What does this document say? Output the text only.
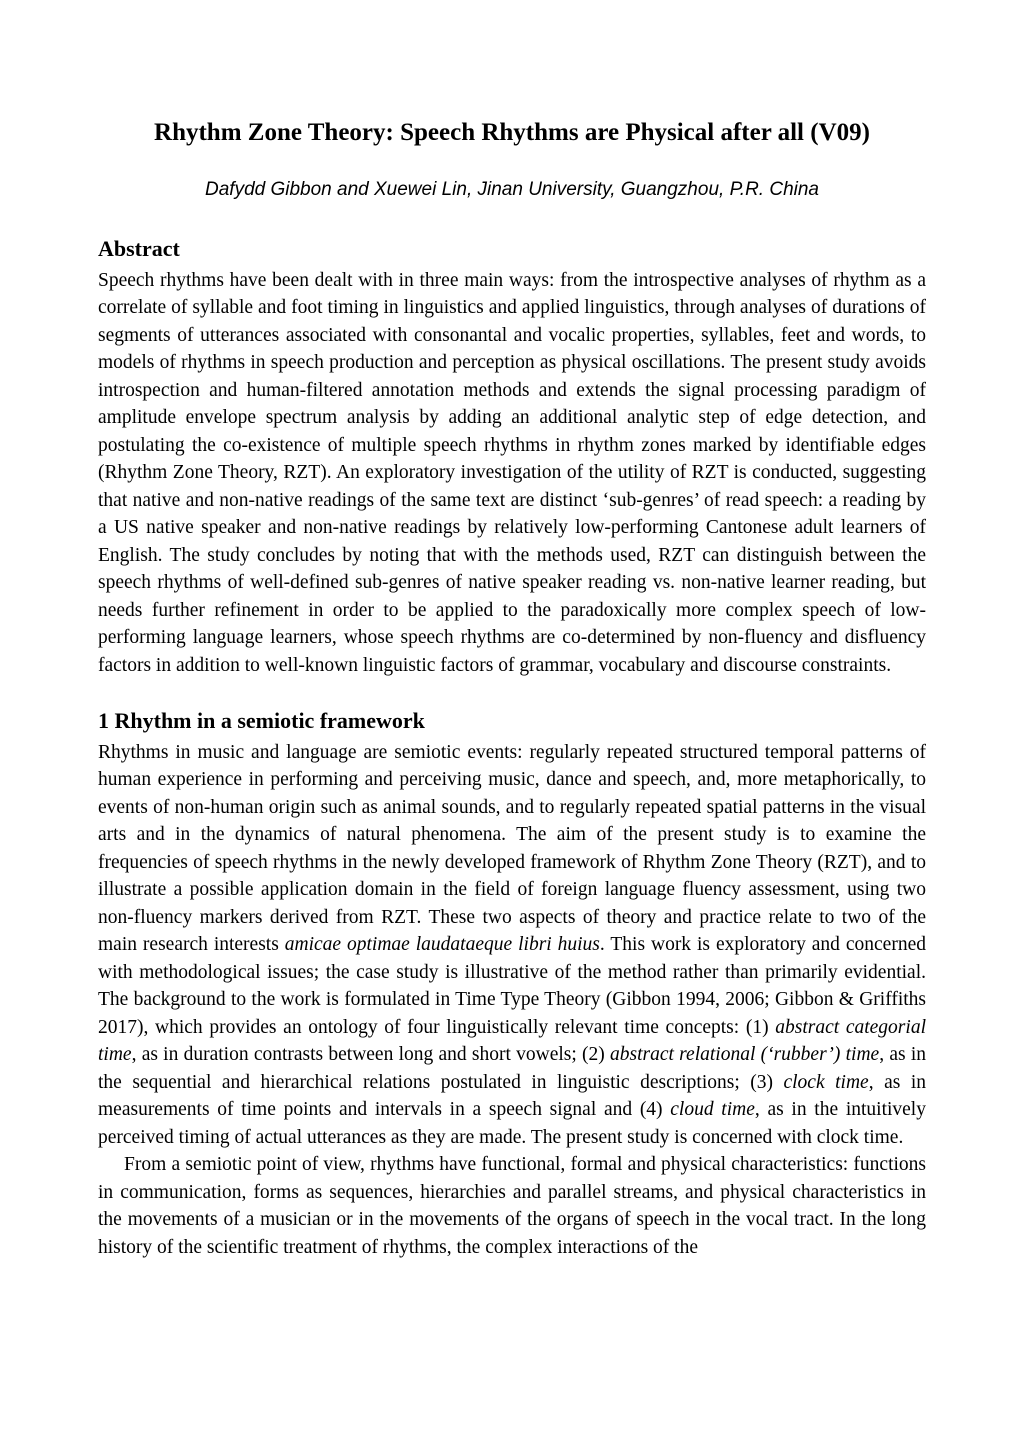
Rhythm Zone Theory: Speech Rhythms are Physical after all (V09)

Dafydd Gibbon and Xuewei Lin, Jinan University, Guangzhou, P.R. China

Abstract

Speech rhythms have been dealt with in three main ways: from the introspective analyses of rhythm as a correlate of syllable and foot timing in linguistics and applied linguistics, through analyses of durations of segments of utterances associated with consonantal and vocalic properties, syllables, feet and words, to models of rhythms in speech production and perception as physical oscillations. The present study avoids introspection and human-filtered annotation methods and extends the signal processing paradigm of amplitude envelope spectrum analysis by adding an additional analytic step of edge detection, and postulating the co-existence of multiple speech rhythms in rhythm zones marked by identifiable edges (Rhythm Zone Theory, RZT). An exploratory investigation of the utility of RZT is conducted, suggesting that native and non-native readings of the same text are distinct ‘sub-genres’ of read speech: a reading by a US native speaker and non-native readings by relatively low-performing Cantonese adult learners of English. The study concludes by noting that with the methods used, RZT can distinguish between the speech rhythms of well-defined sub-genres of native speaker reading vs. non-native learner reading, but needs further refinement in order to be applied to the paradoxically more complex speech of low-performing language learners, whose speech rhythms are co-determined by non-fluency and disfluency factors in addition to well-known linguistic factors of grammar, vocabulary and discourse constraints.

1 Rhythm in a semiotic framework

Rhythms in music and language are semiotic events: regularly repeated structured temporal patterns of human experience in performing and perceiving music, dance and speech, and, more metaphorically, to events of non-human origin such as animal sounds, and to regularly repeated spatial patterns in the visual arts and in the dynamics of natural phenomena. The aim of the present study is to examine the frequencies of speech rhythms in the newly developed framework of Rhythm Zone Theory (RZT), and to illustrate a possible application domain in the field of foreign language fluency assessment, using two non-fluency markers derived from RZT. These two aspects of theory and practice relate to two of the main research interests amicae optimae laudataeque libri huius. This work is exploratory and concerned with methodological issues; the case study is illustrative of the method rather than primarily evidential. The background to the work is formulated in Time Type Theory (Gibbon 1994, 2006; Gibbon & Griffiths 2017), which provides an ontology of four linguistically relevant time concepts: (1) abstract categorial time, as in duration contrasts between long and short vowels; (2) abstract relational (‘rubber’) time, as in the sequential and hierarchical relations postulated in linguistic descriptions; (3) clock time, as in measurements of time points and intervals in a speech signal and (4) cloud time, as in the intuitively perceived timing of actual utterances as they are made. The present study is concerned with clock time.

From a semiotic point of view, rhythms have functional, formal and physical characteristics: functions in communication, forms as sequences, hierarchies and parallel streams, and physical characteristics in the movements of a musician or in the movements of the organs of speech in the vocal tract. In the long history of the scientific treatment of rhythms, the complex interactions of the
